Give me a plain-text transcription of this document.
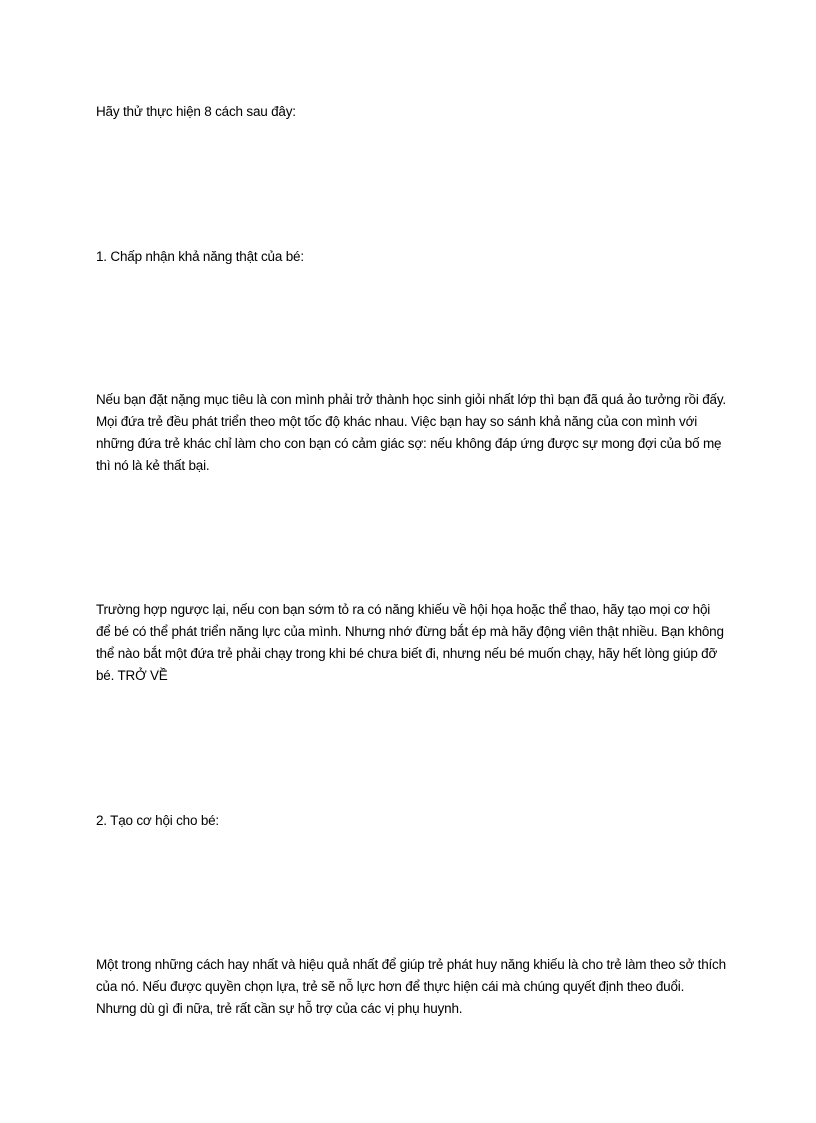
Hãy thử thực hiện 8 cách sau đây:

1. Chấp nhận khả năng thật của bé:

Nếu bạn đặt nặng mục tiêu là con mình phải trở thành học sinh giỏi nhất lớp thì bạn đã quá ảo tưởng rồi đấy. Mọi đứa trẻ đều phát triển theo một tốc độ khác nhau. Việc bạn hay so sánh khả năng của con mình với những đứa trẻ khác chỉ làm cho con bạn có cảm giác sợ: nếu không đáp ứng được sự mong đợi của bố mẹ thì nó là kẻ thất bại.

Trường hợp ngược lại, nếu con bạn sớm tỏ ra có năng khiếu về hội họa hoặc thể thao, hãy tạo mọi cơ hội để bé có thể phát triển năng lực của mình. Nhưng nhớ đừng bắt ép mà hãy động viên thật nhiều. Bạn không thể nào bắt một đứa trẻ phải chạy trong khi bé chưa biết đi, nhưng nếu bé muốn chạy, hãy hết lòng giúp đỡ bé. TRỞ VỀ

2. Tạo cơ hội cho bé:

Một trong những cách hay nhất và hiệu quả nhất để giúp trẻ phát huy năng khiếu là cho trẻ làm theo sở thích của nó. Nếu được quyền chọn lựa, trẻ sẽ nỗ lực hơn để thực hiện cái mà chúng quyết định theo đuổi. Nhưng dù gì đi nữa, trẻ rất cần sự hỗ trợ của các vị phụ huynh.
